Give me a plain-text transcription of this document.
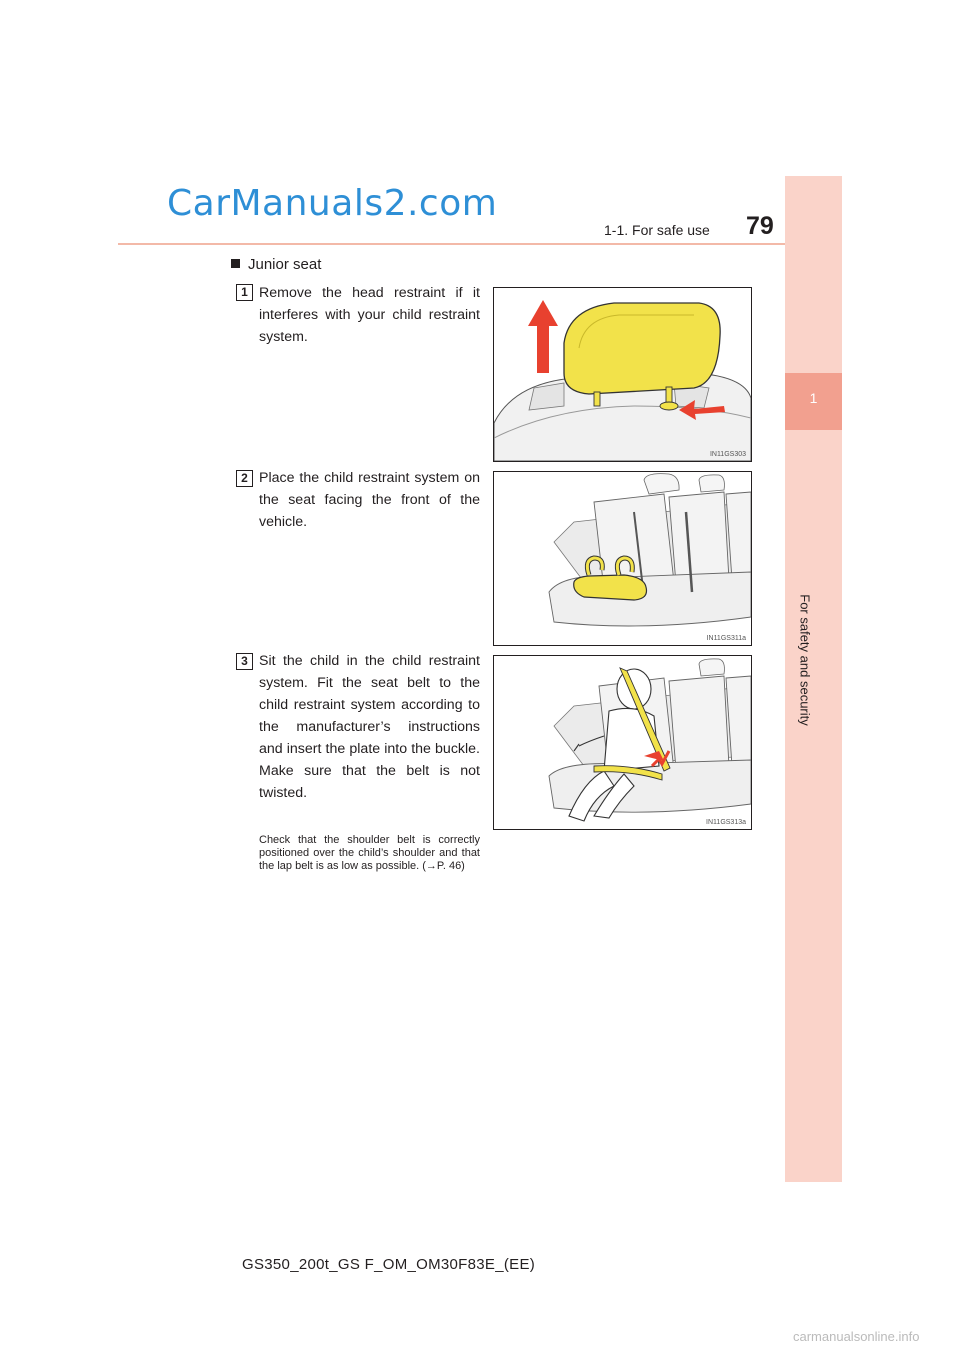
CarManuals2.com
1-1. For safe use 79
1
For safety and security
Junior seat
1 Remove the head restraint if it interferes with your child restraint system.
IN11GS303
2 Place the child restraint system on the seat facing the front of the vehicle.
IN11GS311a
3 Sit the child in the child restraint system. Fit the seat belt to the child restraint system according to the manufacturer’s instructions and insert the plate into the buckle. Make sure that the belt is not twisted.
IN11GS313a
Check that the shoulder belt is correctly positioned over the child’s shoulder and that the lap belt is as low as possible. (→P. 46)
GS350_200t_GS F_OM_OM30F83E_(EE)
carmanualsonline.info
